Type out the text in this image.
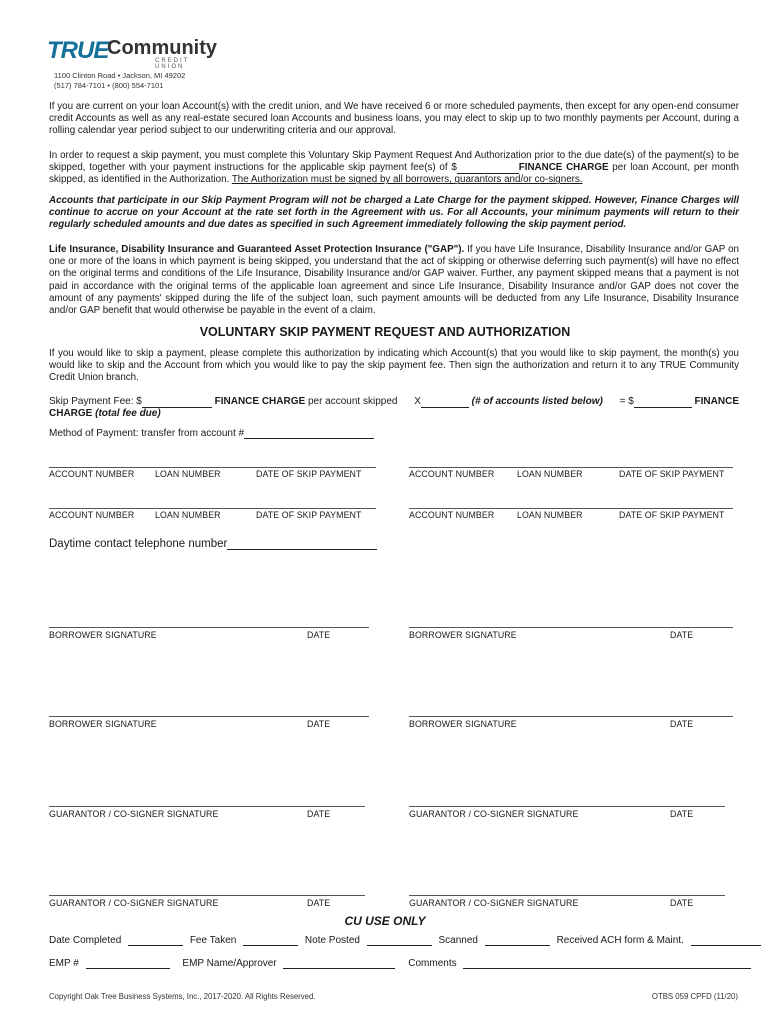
TRUE
Community
CREDIT UNION
1100 Clinton Road • Jackson, MI 49202
(517) 784-7101 • (800) 554-7101

If you are current on your loan Account(s) with the credit union, and We have received 6 or more scheduled payments, then except for any open-end consumer credit Accounts as well as any real-estate secured loan Accounts and business loans, you may elect to skip up to two monthly payments per Account, during a rolling calendar year period subject to our underwriting criteria and our approval.

In order to request a skip payment, you must complete this Voluntary Skip Payment Request And Authorization prior to the due date(s) of the payment(s) to be skipped, together with your payment instructions for the applicable skip payment fee(s) of $	FINANCE CHARGE per loan Account, per month skipped, as identified in the Authorization. The Authorization must be signed by all borrowers, guarantors and/or co-signers.

Accounts that participate in our Skip Payment Program will not be charged a Late Charge for the payment skipped. However, Finance Charges will continue to accrue on your Account at the rate set forth in the Agreement with us. For all Accounts, your minimum payments will return to their regularly scheduled amounts and due dates as specified in such Agreement immediately following the skip payment period.

Life Insurance, Disability Insurance and Guaranteed Asset Protection Insurance ("GAP"). If you have Life Insurance, Disability Insurance and/or GAP on one or more of the loans in which payment is being skipped, you understand that the act of skipping or otherwise deferring such payment(s) will have no effect on the original terms and conditions of the Life Insurance, Disability Insurance and/or GAP waiver. Further, any payment skipped means that a payment is not paid in accordance with the original terms of the applicable loan agreement and since Life Insurance, Disability Insurance and/or GAP does not cover the amount of any payments' skipped during the life of the subject loan, such payment amounts will be deducted from any Life Insurance, Disability Insurance and/or GAP benefit that would otherwise be payable in the event of a claim.

VOLUNTARY SKIP PAYMENT REQUEST AND AUTHORIZATION

If you would like to skip a payment, please complete this authorization by indicating which Account(s) that you would like to skip payment, the month(s) you would like to skip and the Account from which you would like to pay the skip payment fee. Then sign the authorization and return it to any TRUE Community Credit Union branch.

Skip Payment Fee: $	FINANCE CHARGE per account skipped X	(# of accounts listed below) = $	FINANCE
CHARGE (total fee due)
Method of Payment: transfer from account #
ACCOUNT NUMBER LOAN NUMBER	DATE OF SKIP PAYMENT	ACCOUNT NUMBER	LOAN NUMBER	DATE OF SKIP PAYMENT
ACCOUNT NUMBER LOAN NUMBER	DATE OF SKIP PAYMENT	ACCOUNT NUMBER	LOAN NUMBER	DATE OF SKIP PAYMENT
Daytime contact telephone number
BORROWER SIGNATURE	DATE	BORROWER SIGNATURE	DATE
BORROWER SIGNATURE	DATE	BORROWER SIGNATURE	DATE
GUARANTOR / CO-SIGNER SIGNATURE	DATE	GUARANTOR / CO-SIGNER SIGNATURE	DATE
GUARANTOR / CO-SIGNER SIGNATURE	DATE	GUARANTOR / CO-SIGNER SIGNATURE	DATE
CU USE ONLY
Date Completed	Fee Taken	Note Posted	Scanned	Received ACH form & Maint.
EMP #	EMP Name/Approver	Comments
Copyright Oak Tree Business Systems, Inc., 2017-2020. All Rights Reserved.	OTBS 059 CPFD (11/20)
